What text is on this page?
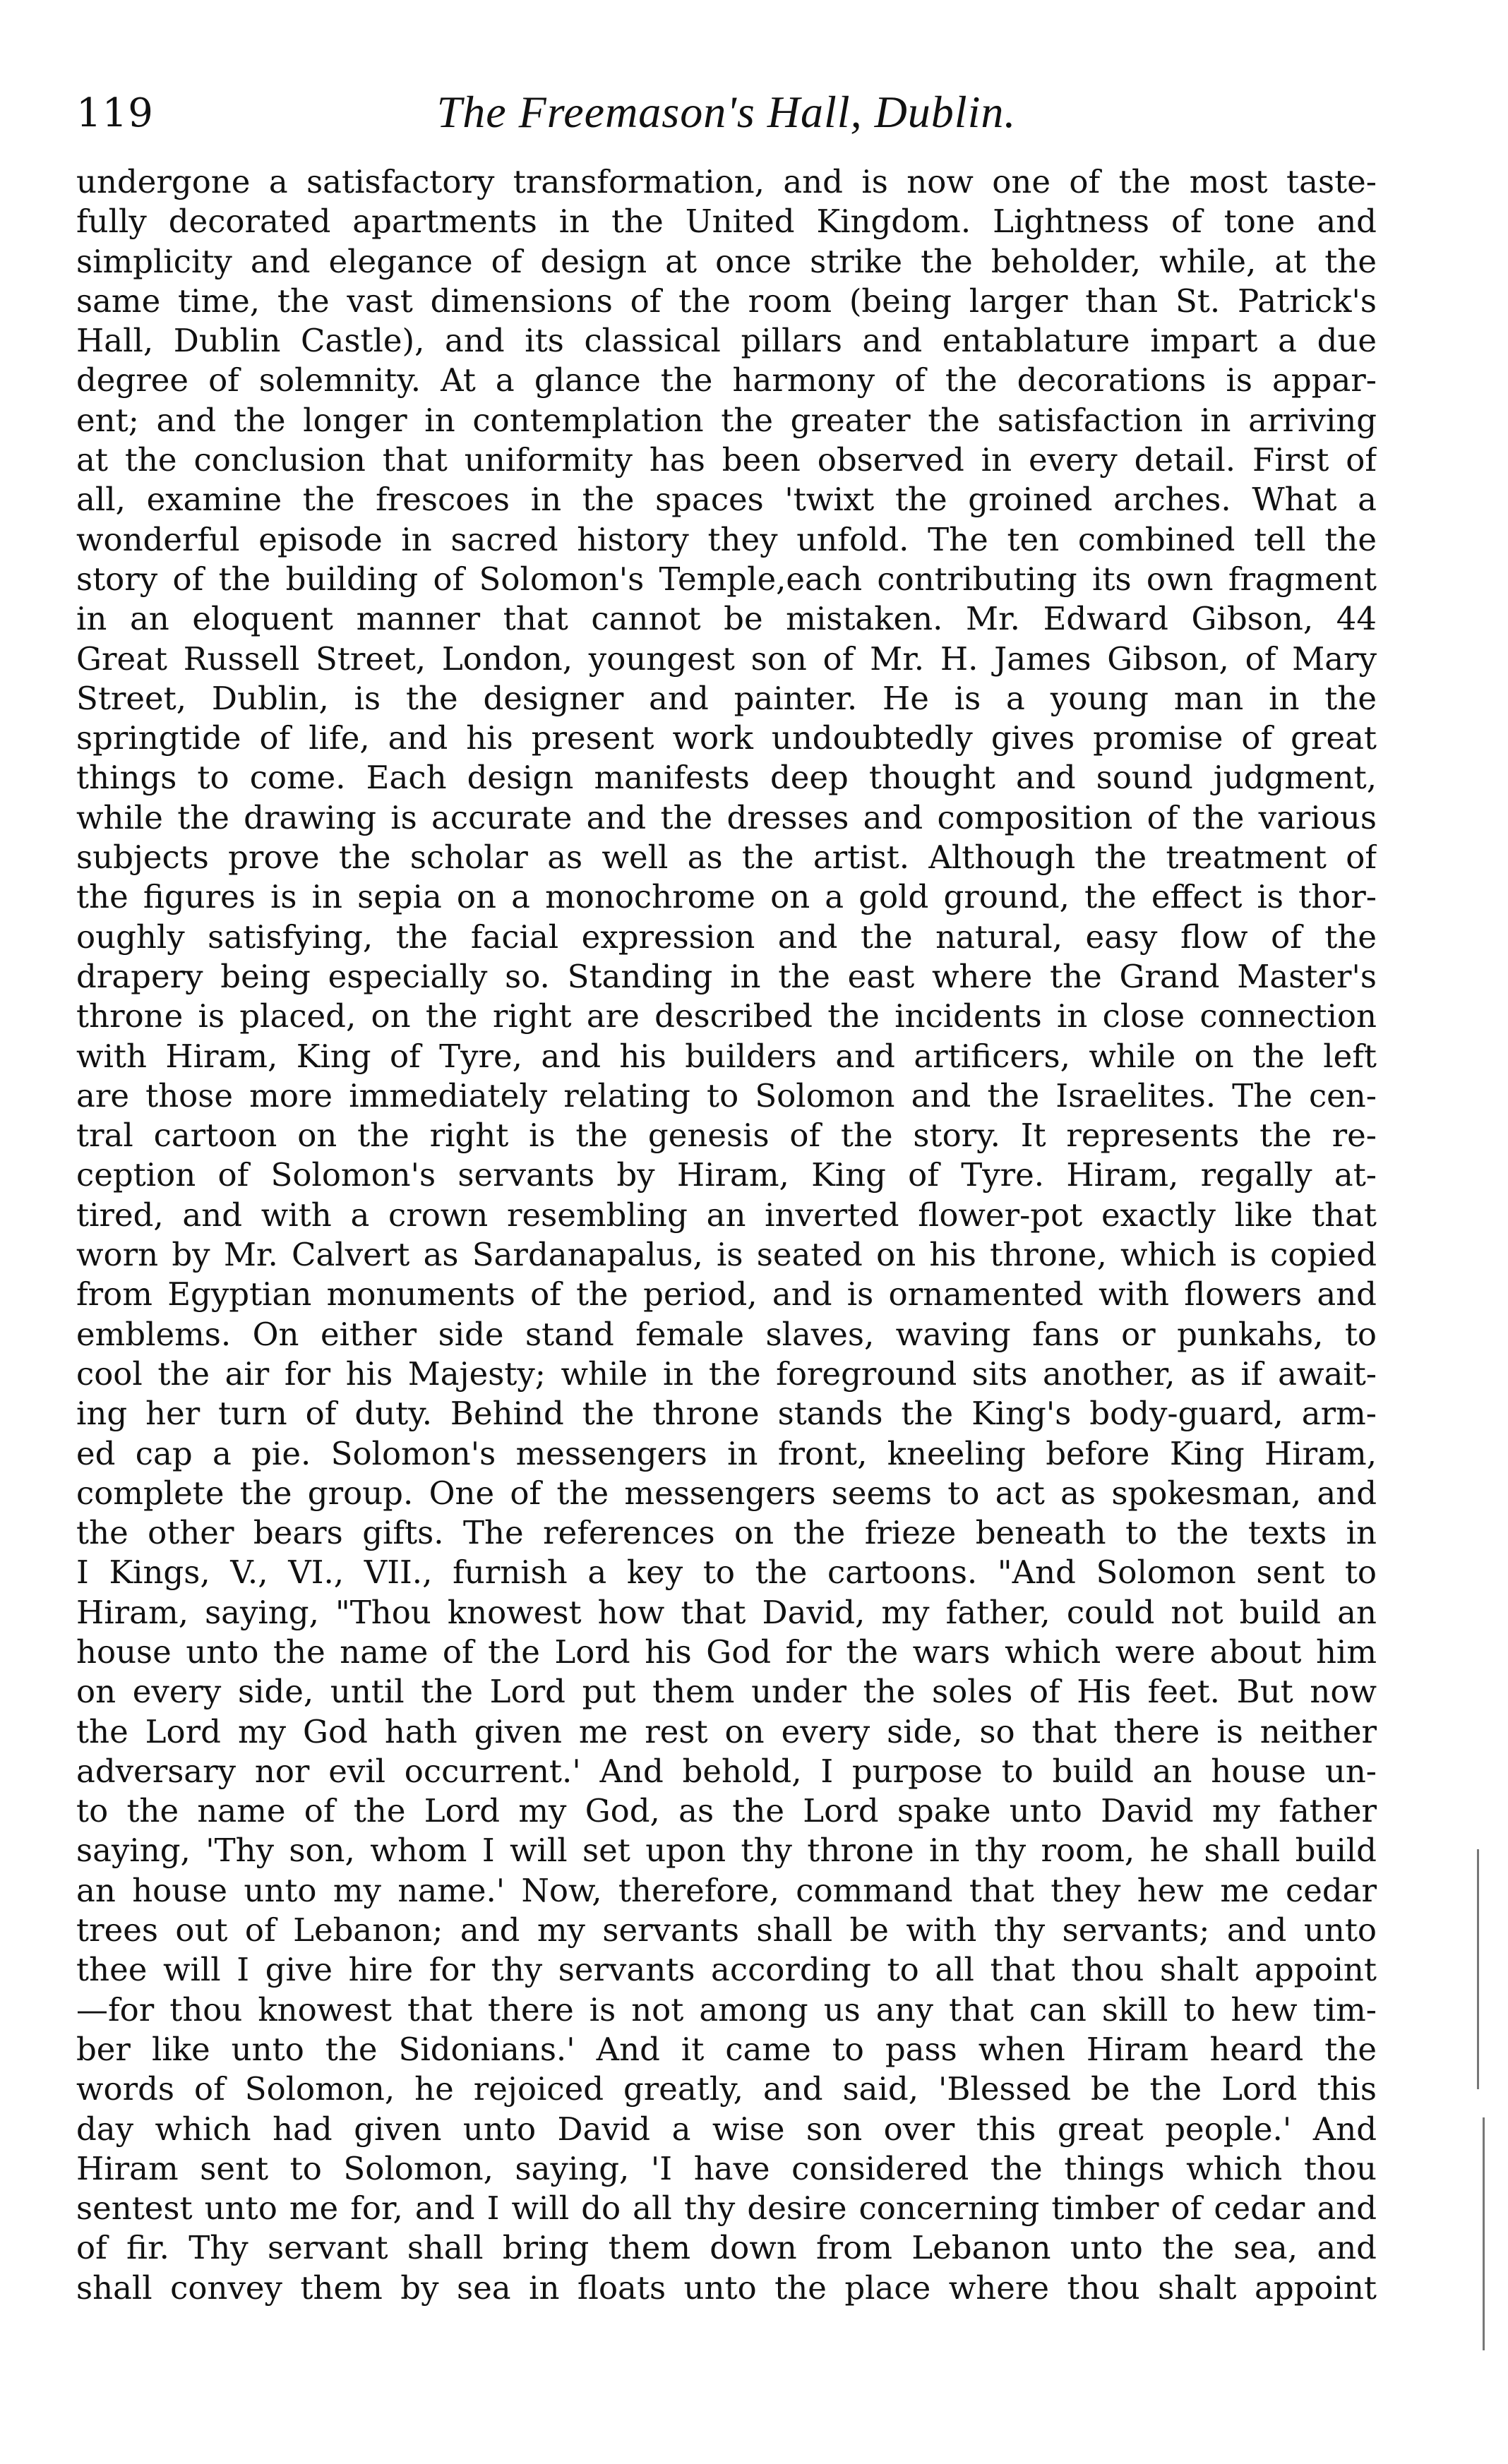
119	The Freemason's Hall, Dublin.
undergone a satisfactory transformation, and is now one of the most taste-
fully decorated apartments in the United Kingdom. Lightness of tone and
simplicity and elegance of design at once strike the beholder, while, at the
same time, the vast dimensions of the room (being larger than St. Patrick's
Hall, Dublin Castle), and its classical pillars and entablature impart a due
degree of solemnity. At a glance the harmony of the decorations is appar-
ent; and the longer in contemplation the greater the satisfaction in arriving
at the conclusion that uniformity has been observed in every detail. First of
all, examine the frescoes in the spaces 'twixt the groined arches. What a
wonderful episode in sacred history they unfold. The ten combined tell the
story of the building of Solomon's Temple,each contributing its own fragment
in an eloquent manner that cannot be mistaken. Mr. Edward Gibson, 44
Great Russell Street, London, youngest son of Mr. H. James Gibson, of Mary
Street, Dublin, is the designer and painter. He is a young man in the
springtide of life, and his present work undoubtedly gives promise of great
things to come. Each design manifests deep thought and sound judgment,
while the drawing is accurate and the dresses and composition of the various
subjects prove the scholar as well as the artist. Although the treatment of
the figures is in sepia on a monochrome on a gold ground, the effect is thor-
oughly satisfying, the facial expression and the natural, easy flow of the
drapery being especially so. Standing in the east where the Grand Master's
throne is placed, on the right are described the incidents in close connection
with Hiram, King of Tyre, and his builders and artificers, while on the left
are those more immediately relating to Solomon and the Israelites. The cen-
tral cartoon on the right is the genesis of the story. It represents the re-
ception of Solomon's servants by Hiram, King of Tyre. Hiram, regally at-
tired, and with a crown resembling an inverted flower-pot exactly like that
worn by Mr. Calvert as Sardanapalus, is seated on his throne, which is copied
from Egyptian monuments of the period, and is ornamented with flowers and
emblems. On either side stand female slaves, waving fans or punkahs, to
cool the air for his Majesty; while in the foreground sits another, as if await-
ing her turn of duty. Behind the throne stands the King's body-guard, arm-
ed cap a pie. Solomon's messengers in front, kneeling before King Hiram,
complete the group. One of the messengers seems to act as spokesman, and
the other bears gifts. The references on the frieze beneath to the texts in
I Kings, V., VI., VII., furnish a key to the cartoons. "And Solomon sent to
Hiram, saying, "Thou knowest how that David, my father, could not build an
house unto the name of the Lord his God for the wars which were about him
on every side, until the Lord put them under the soles of His feet. But now
the Lord my God hath given me rest on every side, so that there is neither
adversary nor evil occurrent.' And behold, I purpose to build an house un-
to the name of the Lord my God, as the Lord spake unto David my father
saying, 'Thy son, whom I will set upon thy throne in thy room, he shall build
an house unto my name.' Now, therefore, command that they hew me cedar
trees out of Lebanon; and my servants shall be with thy servants; and unto
thee will I give hire for thy servants according to all that thou shalt appoint
—for thou knowest that there is not among us any that can skill to hew tim-
ber like unto the Sidonians.' And it came to pass when Hiram heard the
words of Solomon, he rejoiced greatly, and said, 'Blessed be the Lord this
day which had given unto David a wise son over this great people.' And
Hiram sent to Solomon, saying, 'I have considered the things which thou
sentest unto me for, and I will do all thy desire concerning timber of cedar and
of fir. Thy servant shall bring them down from Lebanon unto the sea, and
shall convey them by sea in floats unto the place where thou shalt appoint
